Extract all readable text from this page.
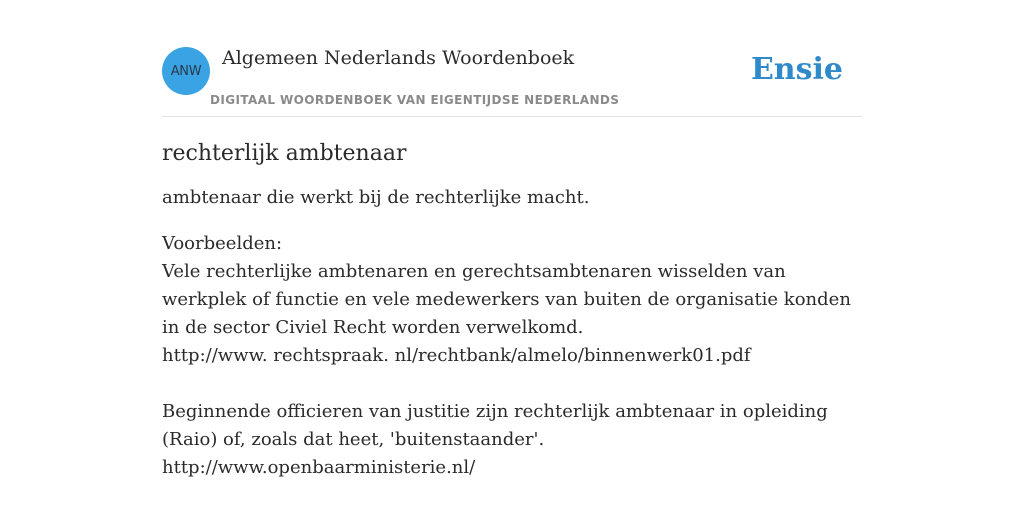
ANW
Algemeen Nederlands Woordenboek
DIGITAAL WOORDENBOEK VAN EIGENTIJDSE NEDERLANDS
Ensie
rechterlijk ambtenaar

ambtenaar die werkt bij de rechterlijke macht.

Voorbeelden:

Vele rechterlijke ambtenaren en gerechtsambtenaren wisselden van werkplek of functie en vele medewerkers van buiten de organisatie konden in de sector Civiel Recht worden verwelkomd.

http://www. rechtspraak. nl/rechtbank/almelo/binnenwerk01.pdf

Beginnende officieren van justitie zijn rechterlijk ambtenaar in opleiding (Raio) of, zoals dat heet, 'buitenstaander'.

http://www.openbaarministerie.nl/
